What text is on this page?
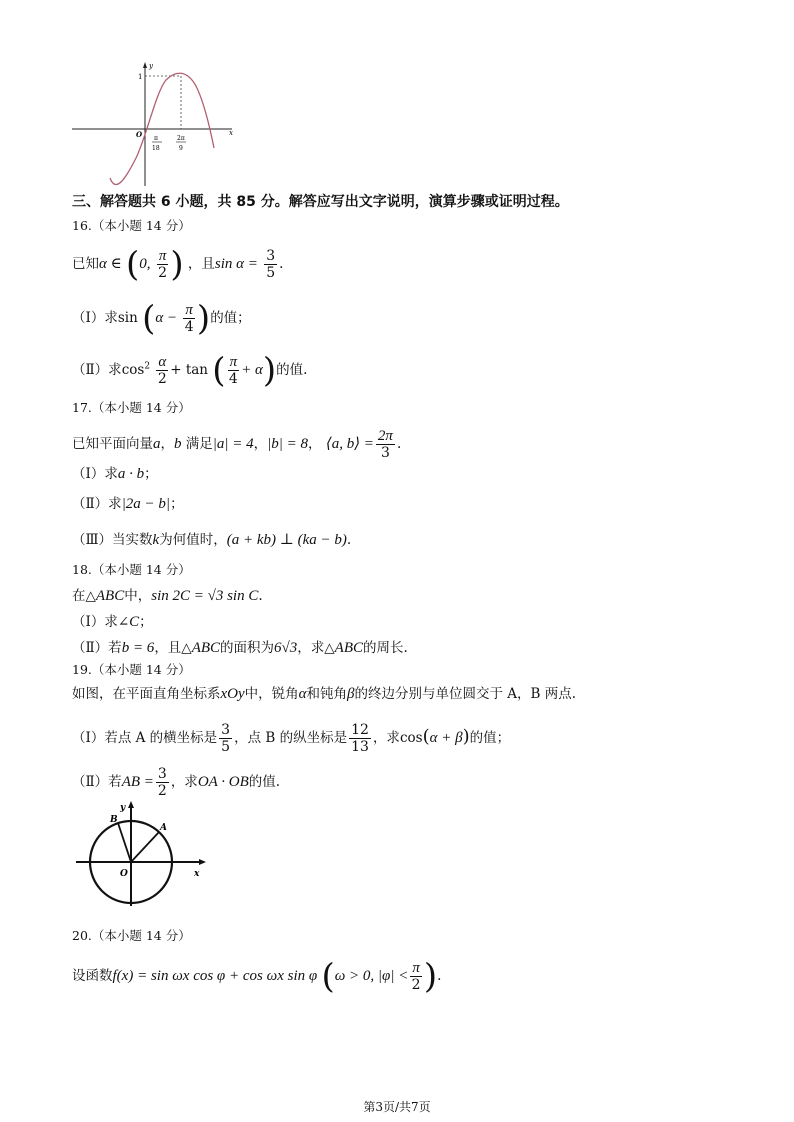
y
x
O
1
π
18
2π
9
三、解答题共 6 小题，共 85 分。解答应写出文字说明，演算步骤或证明过程。
16.（本小题 14 分）
已知α ∈ (0, $\frac{\pi}{2}$ ) ，且$\sin \alpha = \frac{3}{5}$ .
（Ⅰ）求$\sin (\alpha - \frac{\pi}{4}$ )的值；
（Ⅱ）求$\cos^2 \frac{\alpha}{2} + \tan$ ( $\frac{\pi}{4} + \alpha$)的值.
17.（本小题 14 分）
已知平面向量a，b 满足|a| = 4，|b| = 8， ⟨a, b⟩ = $\frac{2\pi}{3}$ .
（Ⅰ）求a · b；
（Ⅱ）求|2a − b|；
（Ⅲ）当实数k为何值时，(a + kb) ⊥ (ka − b).
18.（本小题 14 分）
在△ABC中，sin 2C = √3 sin C.
（Ⅰ）求∠C；
（Ⅱ）若b = 6，且△ABC的面积为6√3，求△ABC的周长.
19.（本小题 14 分）
如图，在平面直角坐标系xOy中，锐角α和钝角β的终边分别与单位圆交于 A，B 两点.
（Ⅰ）若点 A 的横坐标是 $\frac{3}{5}$ ，点 B 的纵坐标是 $\frac{12}{13}$ ，求cos(α + β)的值；
（Ⅱ）若AB = $\frac{3}{2}$ ，求OA · OB的值.
y
x
O
A
B
20.（本小题 14 分）
设函数f(x) = sin ωx cos φ + cos ωx sin φ (ω > 0, $|\varphi| < \frac{\pi}{2}$ ).
第3页/共7页
